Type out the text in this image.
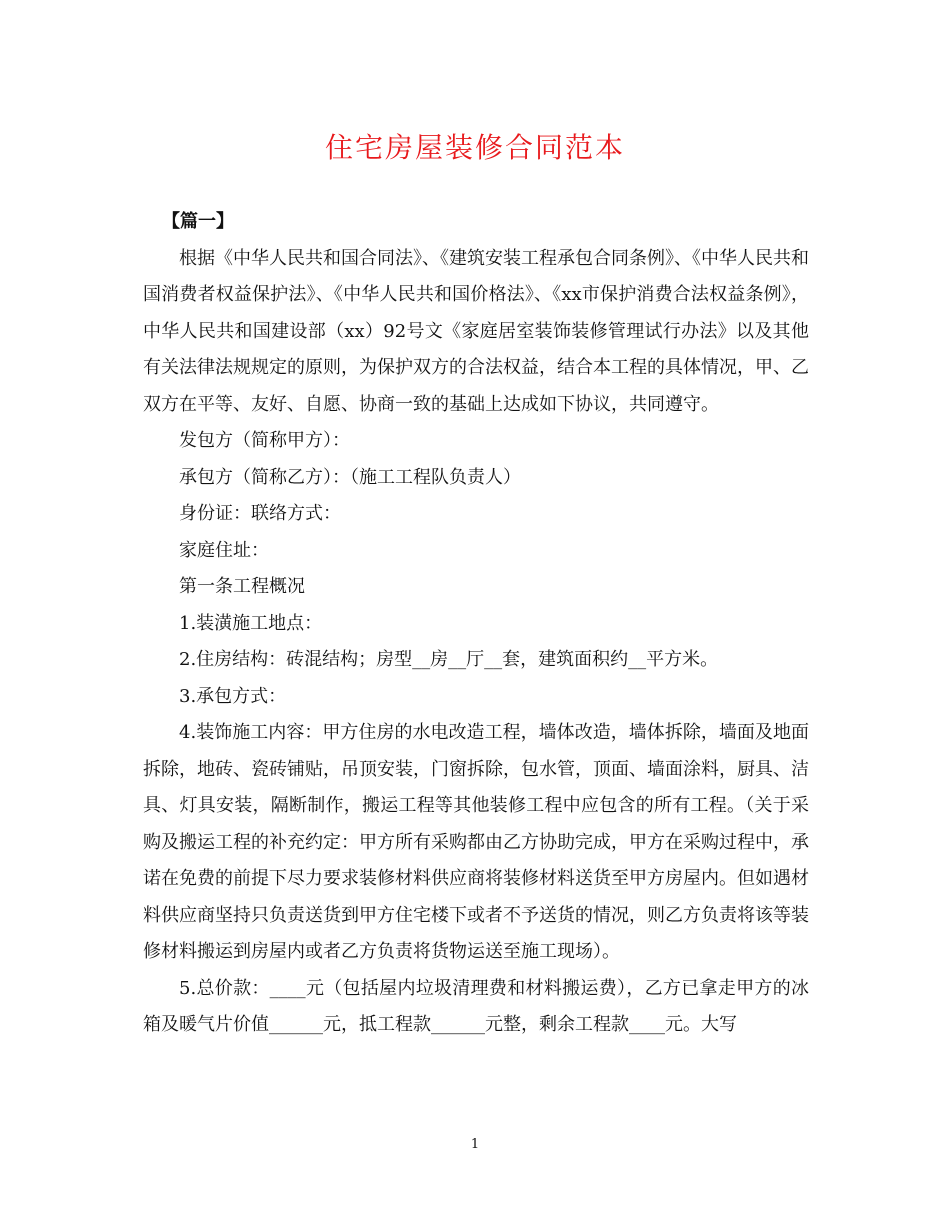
住宅房屋装修合同范本

【篇一】

根据《中华人民共和国合同法》、《建筑安装工程承包合同条例》、《中华人民共和国消费者权益保护法》、《中华人民共和国价格法》、《xx市保护消费合法权益条例》，中华人民共和国建设部（xx）92号文《家庭居室装饰装修管理试行办法》以及其他有关法律法规规定的原则，为保护双方的合法权益，结合本工程的具体情况，甲、乙双方在平等、友好、自愿、协商一致的基础上达成如下协议，共同遵守。

发包方（简称甲方）：

承包方（简称乙方）：（施工工程队负责人）

身份证：联络方式：

家庭住址：

第一条工程概况

1.装潢施工地点：

2.住房结构：砖混结构；房型__房__厅__套，建筑面积约__平方米。

3.承包方式：

4.装饰施工内容：甲方住房的水电改造工程，墙体改造，墙体拆除，墙面及地面拆除，地砖、瓷砖铺贴，吊顶安装，门窗拆除，包水管，顶面、墙面涂料，厨具、洁具、灯具安装，隔断制作，搬运工程等其他装修工程中应包含的所有工程。（关于采购及搬运工程的补充约定：甲方所有采购都由乙方协助完成，甲方在采购过程中，承诺在免费的前提下尽力要求装修材料供应商将装修材料送货至甲方房屋内。但如遇材料供应商坚持只负责送货到甲方住宅楼下或者不予送货的情况，则乙方负责将该等装修材料搬运到房屋内或者乙方负责将货物运送至施工现场）。

5.总价款：____元（包括屋内垃圾清理费和材料搬运费），乙方已拿走甲方的冰箱及暖气片价值______元，抵工程款______元整，剩余工程款____元。大写

1
